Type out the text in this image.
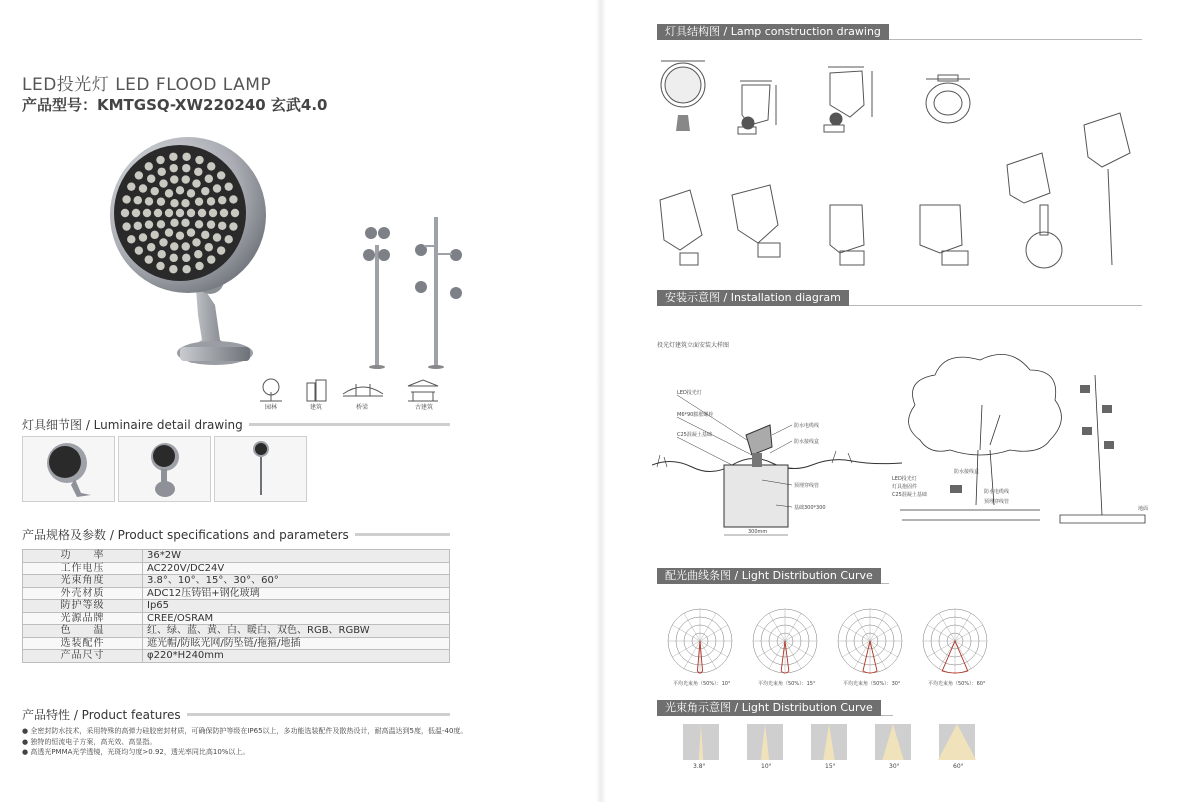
LED投光灯 LED FLOOD LAMP
产品型号：KMTGSQ-XW220240 玄武4.0
园林	建筑	桥梁	古建筑
灯具细节图 / Luminaire detail drawing
产品规格及参数 / Product specifications and parameters
功　　率	36*2W
工作电压	AC220V/DC24V
光束角度	3.8°、10°、15°、30°、60°
外壳材质	ADC12压铸铝+钢化玻璃
防护等级	Ip65
光源品牌	CREE/OSRAM
色　　温	红、绿、蓝、黄、白、暖白、双色、RGB、RGBW
选装配件	遮光帽/防眩光网/防坠链/拖箍/地插
产品尺寸	φ220*H240mm
产品特性 / Product features
● 全密封防水技术，采用特殊的高弹力硅胶密封材质，可确保防护等级在IP65以上，多功能选装配件及散热设计，耐高温达到5度，低温-40度。
● 独特的恒流电子方案，高光效、高显指。
● 高透光PMMA光学透镜，光斑均匀度>0.92，透光率同比高10%以上。
灯具结构图 / Lamp construction drawing
安装示意图 / Installation diagram
投光灯建筑立面安装大样图
LED投光灯
M6*90膨胀螺栓
C25混凝土基础
防水电缆线
防水接线盒
预埋穿线管
基础300*300
300mm
LED投光灯
灯具抱固件
C25混凝土基础
防水接线盒
防水电缆线
预埋穿线管
地面
配光曲线条图 / Light Distribution Curve
平均光束角（50%）：10°	平均光束角（50%）：15°	平均光束角（50%）：30°	平均光束角（50%）：60°
光束角示意图 / Light Distribution Curve
3.8°	10°	15°	30°	60°
